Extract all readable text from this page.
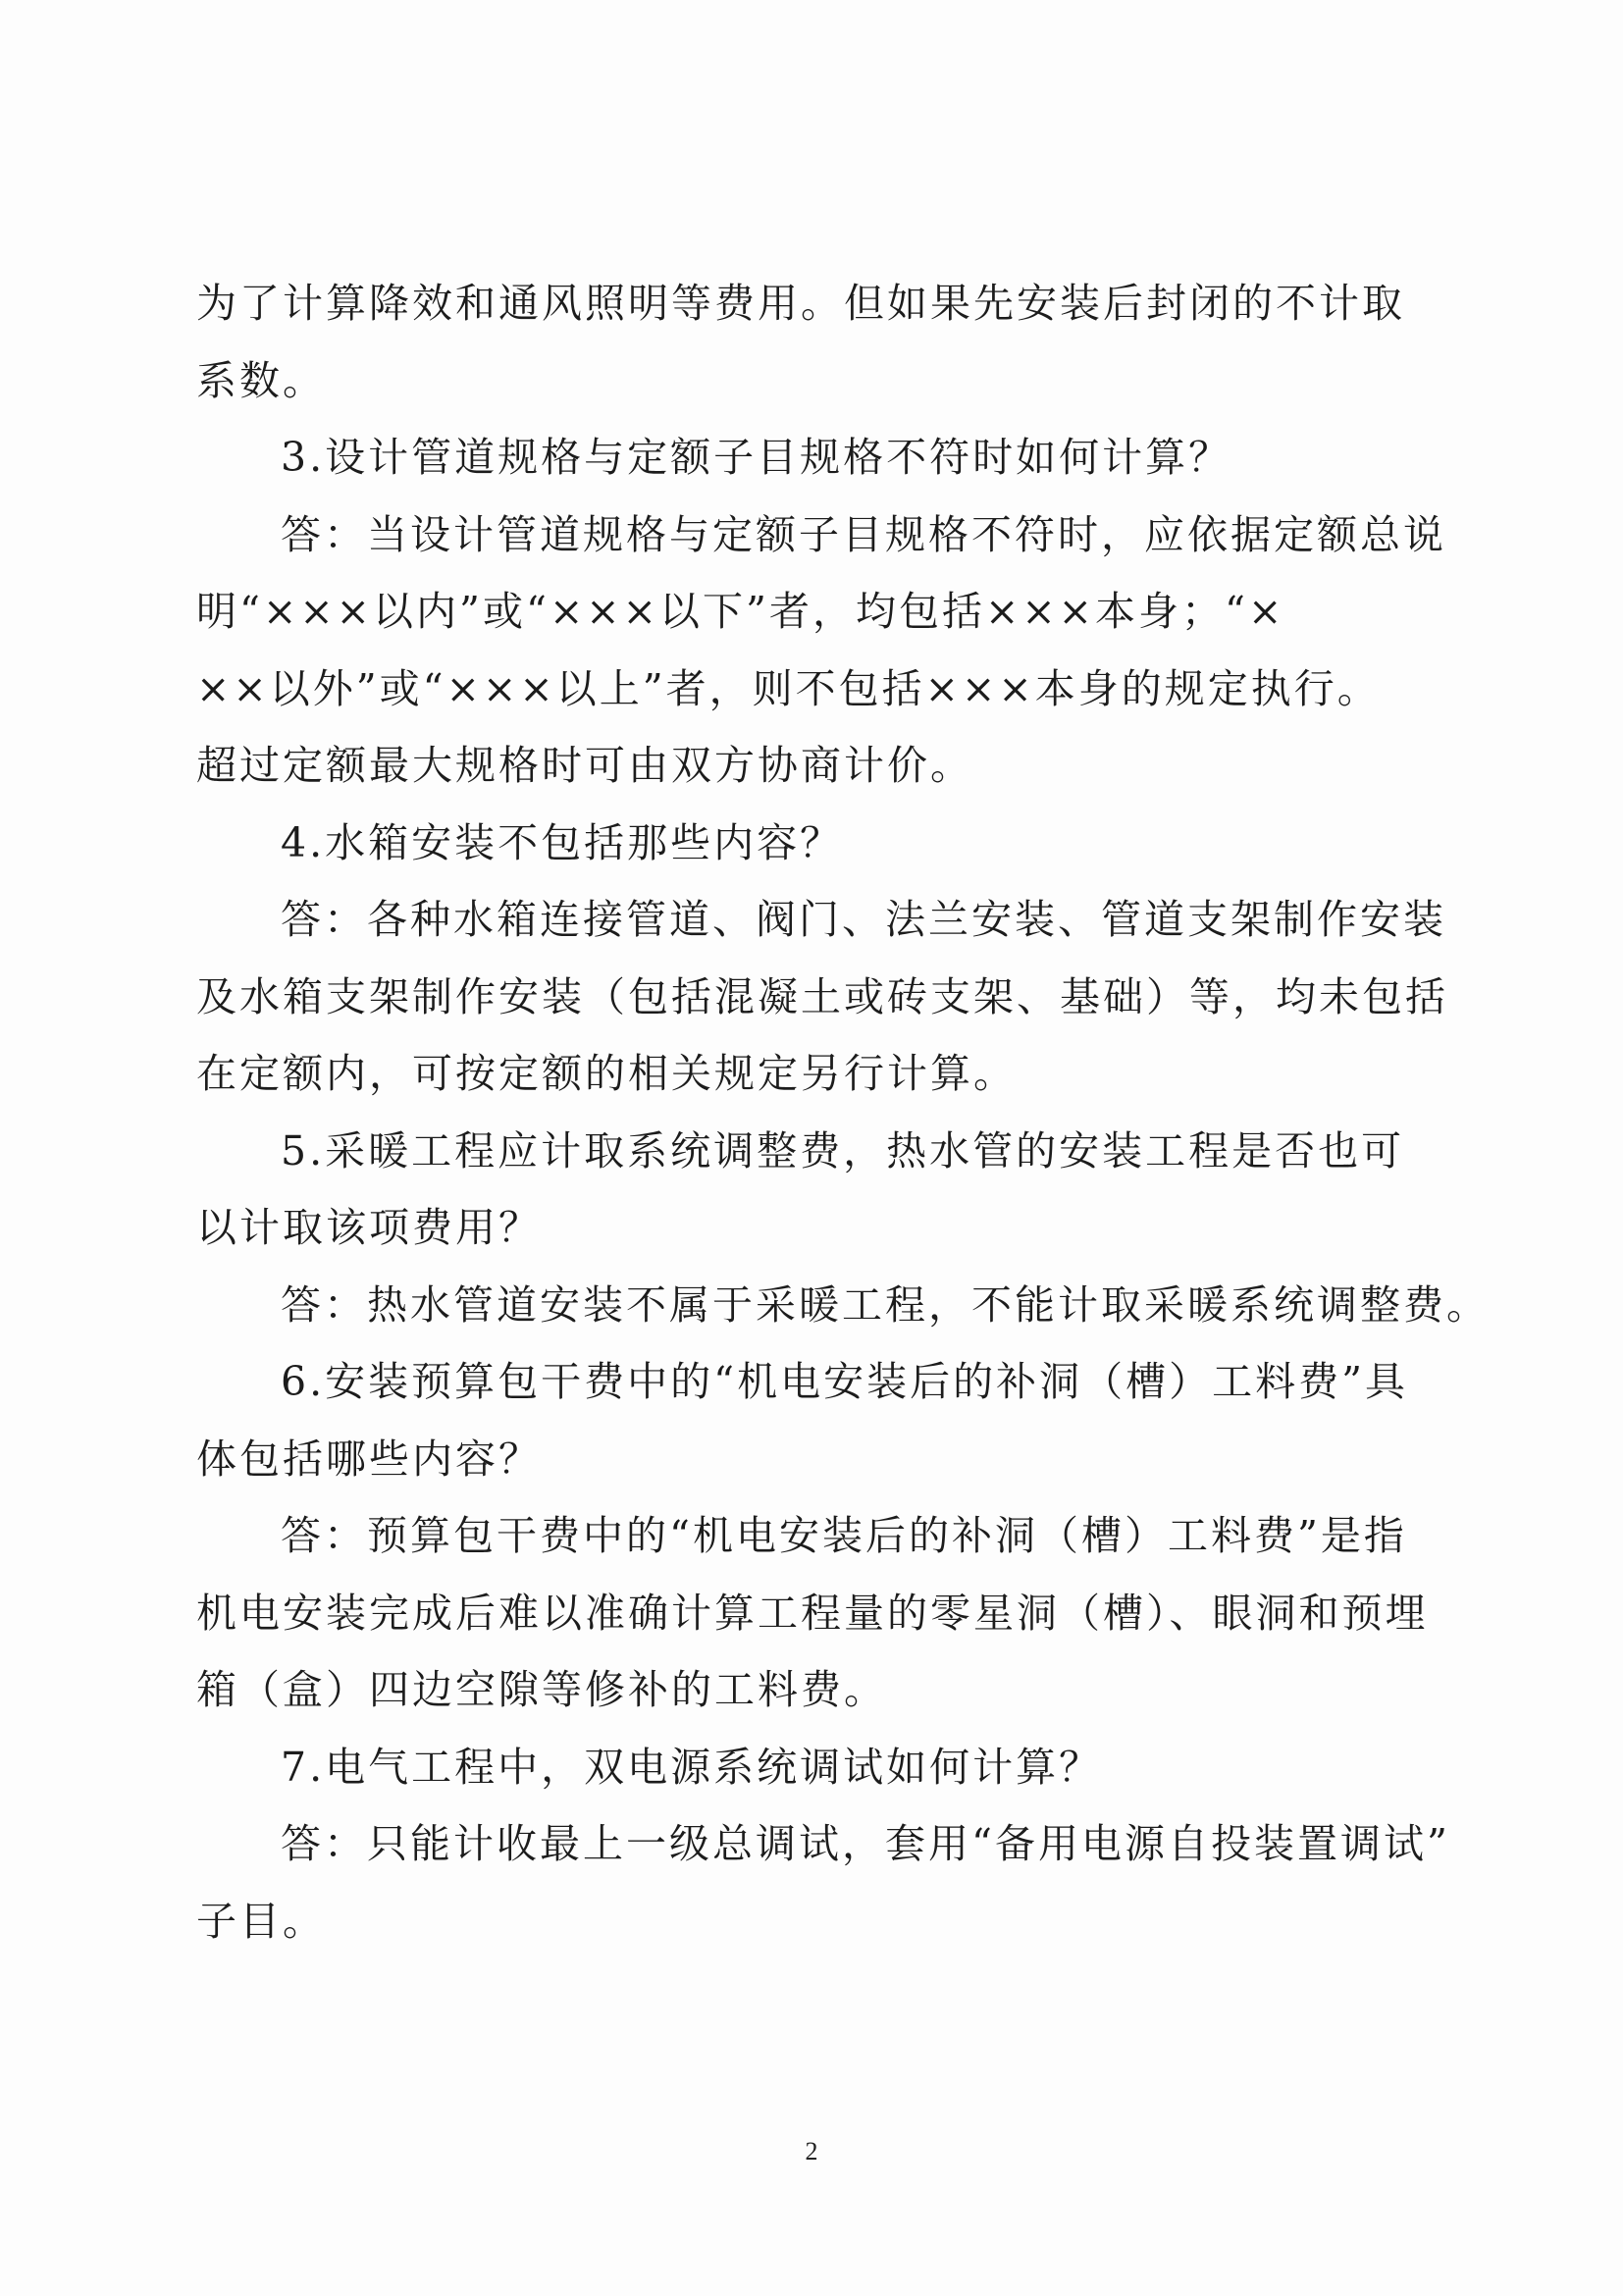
为了计算降效和通风照明等费用。但如果先安装后封闭的不计取

系数。

3.设计管道规格与定额子目规格不符时如何计算？

答：当设计管道规格与定额子目规格不符时，应依据定额总说

明“×××以内”或“×××以下”者，均包括×××本身；“×

××以外”或“×××以上”者，则不包括×××本身的规定执行。

超过定额最大规格时可由双方协商计价。

4.水箱安装不包括那些内容？

答：各种水箱连接管道、阀门、法兰安装、管道支架制作安装

及水箱支架制作安装（包括混凝土或砖支架、基础）等，均未包括

在定额内，可按定额的相关规定另行计算。

5.采暖工程应计取系统调整费，热水管的安装工程是否也可

以计取该项费用？

答：热水管道安装不属于采暖工程，不能计取采暖系统调整费。

6.安装预算包干费中的“机电安装后的补洞（槽）工料费”具

体包括哪些内容？

答：预算包干费中的“机电安装后的补洞（槽）工料费”是指

机电安装完成后难以准确计算工程量的零星洞（槽）、眼洞和预埋

箱（盒）四边空隙等修补的工料费。

7.电气工程中，双电源系统调试如何计算？

答：只能计收最上一级总调试，套用“备用电源自投装置调试”

子目。

2
